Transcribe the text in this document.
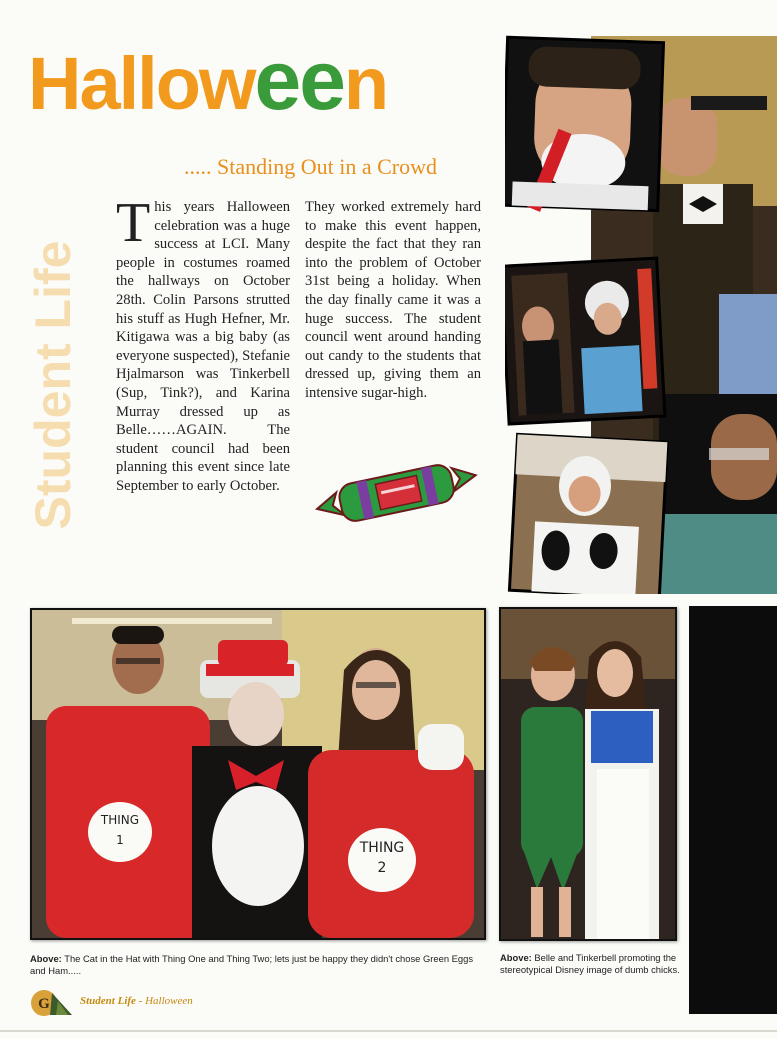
Halloween
..... Standing Out in a Crowd
Student Life
This years Halloween celebration was a huge success at LCI. Many people in costumes roamed the hallways on October 28th. Colin Parsons strutted his stuff as Hugh Hefner, Mr. Kitigawa was a big baby (as everyone suspected), Stefanie Hjalmarson was Tinkerbell (Sup, Tink?), and Karina Murray dressed up as Belle……AGAIN. The student council had been planning this event since late September to early October.
They worked extremely hard to make this event happen, despite the fact that they ran into the problem of October 31st being a holiday. When the day finally came it was a huge success. The student council went around handing out candy to the students that dressed up, giving them an intensive sugar-high.
THING
1	THING
2
Above: The Cat in the Hat with Thing One and Thing Two; lets just be happy they didn't chose Green Eggs and Ham.....
Above: Belle and Tinkerbell promoting the stereotypical Disney image of dumb chicks.
G	Student Life - Halloween
